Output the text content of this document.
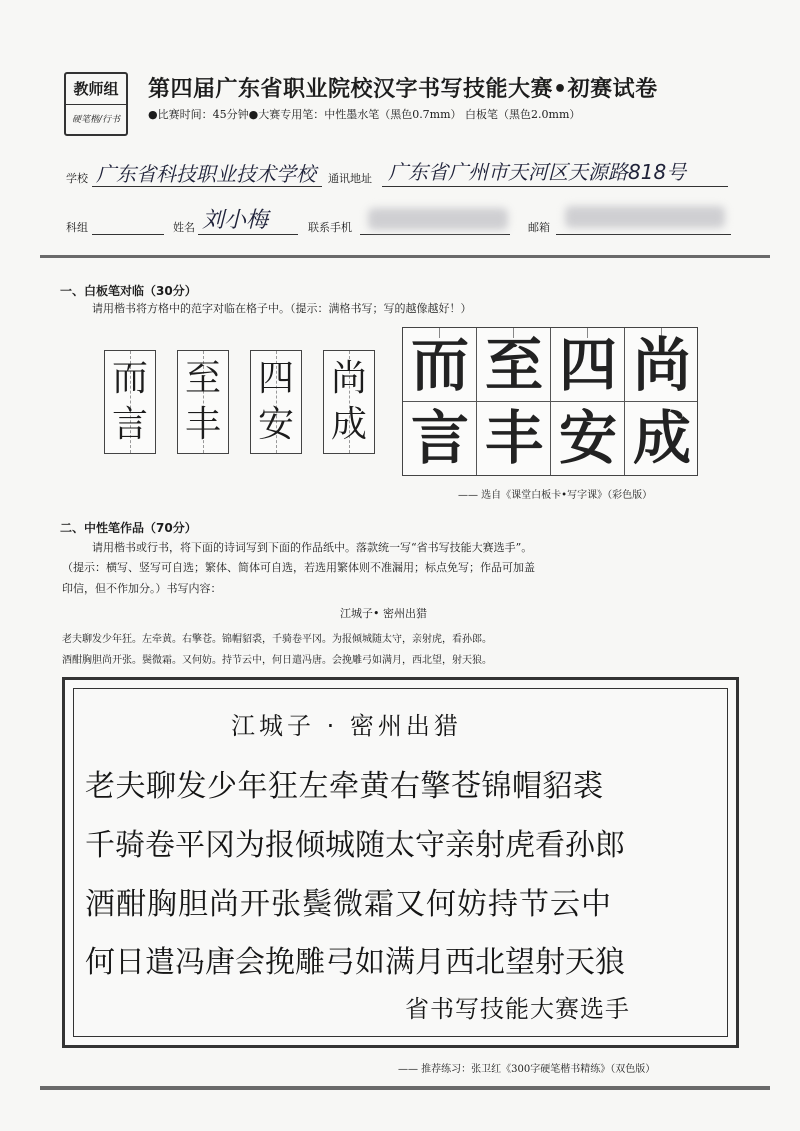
教师组
硬笔楷/行书
第四届广东省职业院校汉字书写技能大赛•初赛试卷
●比赛时间：45分钟●大赛专用笔：中性墨水笔（黑色0.7mm） 白板笔（黑色2.0mm）
学校 广东省科技职业技术学校 通讯地址 广东省广州市天河区天源路818号
科组	姓名 刘小梅	联系手机	邮箱
一、白板笔对临（30分）
请用楷书将方格中的范字对临在格子中。（提示：满格书写；写的越像越好！）
而
言
至
丰
四
安
尚
成
而 至 四 尚
言 丰 安 成
—— 选自《课堂白板卡•写字课》（彩色版）
二、中性笔作品（70分）
请用楷书或行书，将下面的诗词写到下面的作品纸中。落款统一写“省书写技能大赛选手”。
（提示：横写、竖写可自选；繁体、简体可自选，若选用繁体则不准漏用；标点免写；作品可加盖
印信，但不作加分。）书写内容：
江城子• 密州出猎
老夫聊发少年狂。左牵黄。右擎苍。锦帽貂裘，千骑卷平冈。为报倾城随太守，亲射虎，看孙郎。
酒酣胸胆尚开张。鬓微霜。又何妨。持节云中，何日遣冯唐。会挽雕弓如满月，西北望，射天狼。
江城子 · 密州出猎
老夫聊发少年狂左牵黄右擎苍锦帽貂裘
千骑卷平冈为报倾城随太守亲射虎看孙郎
酒酣胸胆尚开张鬓微霜又何妨持节云中
何日遣冯唐会挽雕弓如满月西北望射天狼
省书写技能大赛选手
—— 推荐练习：张卫红《300字硬笔楷书精练》（双色版）
